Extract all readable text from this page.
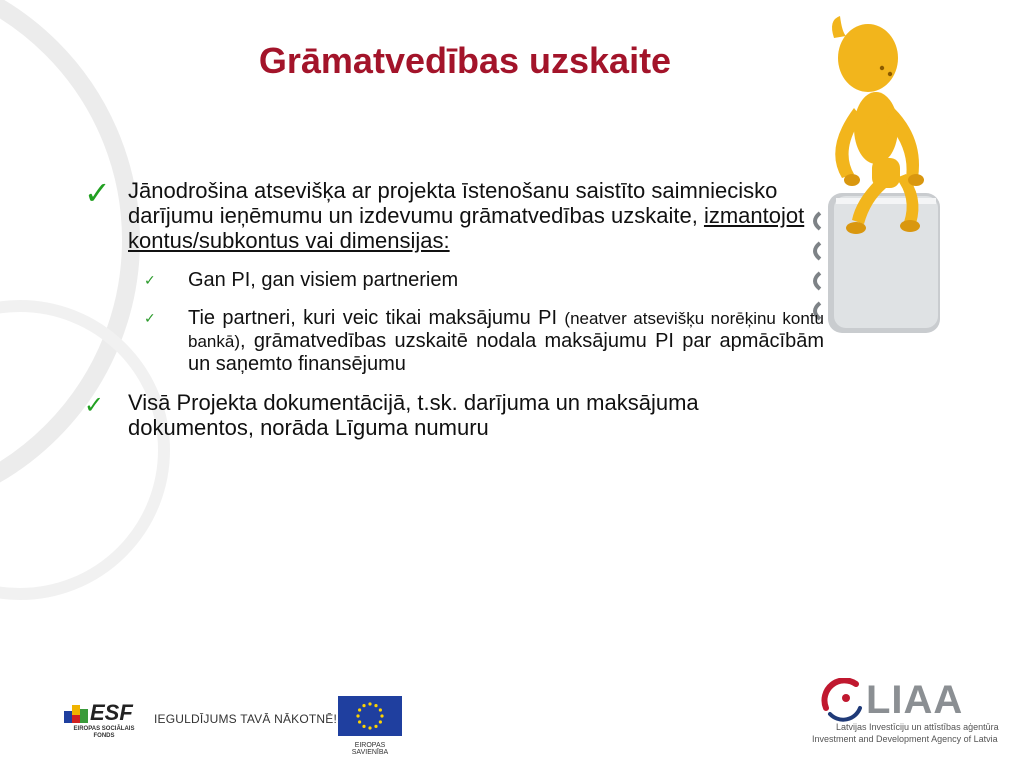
Grāmatvedības uzskaite
✓ Jānodrošina atsevišķa ar projekta īstenošanu saistīto saimniecisko darījumu ieņēmumu un izdevumu grāmatvedības uzskaite, izmantojot kontus/subkontus vai dimensijas:
✓	Gan PI, gan visiem partneriem
✓	Tie partneri, kuri veic tikai maksājumu PI (neatver atsevišķu norēķinu kontu bankā), grāmatvedības uzskaitē nodala maksājumu PI par apmācībām un saņemto finansējumu
✓	Visā Projekta dokumentācijā, t.sk. darījuma un maksājuma dokumentos, norāda Līguma numuru
ESF
EIROPAS SOCIĀLAIS FONDS
IEGULDĪJUMS TAVĀ NĀKOTNĒ!
EIROPAS SAVIENĪBA
LIAA
Latvijas Investīciju un attīstības aģentūra
Investment and Development Agency of Latvia
